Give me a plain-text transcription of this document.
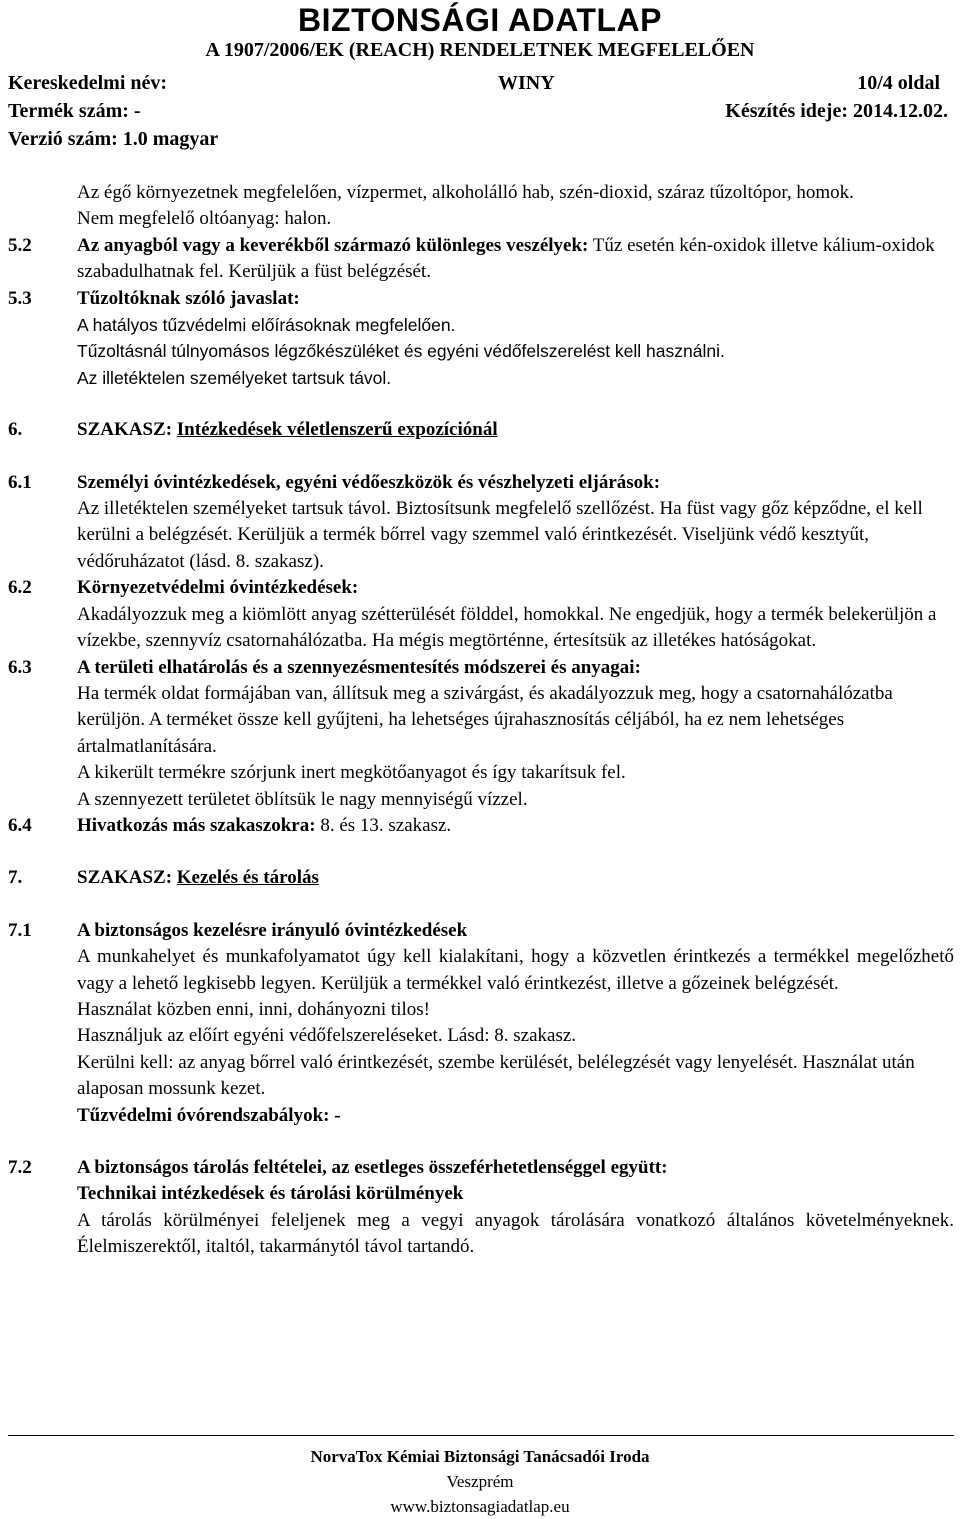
BIZTONSÁGI ADATLAP
A 1907/2006/EK (REACH) RENDELETNEK MEGFELELŐEN
Kereskedelmi név:	WINY	10/4 oldal
Termék szám: -	Készítés ideje: 2014.12.02.
Verzió szám: 1.0 magyar
Az égő környezetnek megfelelően, vízpermet, alkoholálló hab, szén-dioxid, száraz tűzoltópor, homok.
Nem megfelelő oltóanyag: halon.
5.2	Az anyagból vagy a keverékből származó különleges veszélyek: Tűz esetén kén-oxidok illetve kálium-oxidok szabadulhatnak fel. Kerüljük a füst belégzését.
5.3	Tűzoltóknak szóló javaslat:
A hatályos tűzvédelmi előírásoknak megfelelően.
Tűzoltásnál túlnyomásos légzőkészüléket és egyéni védőfelszerelést kell használni.
Az illetéktelen személyeket tartsuk távol.
6.	SZAKASZ: Intézkedések véletlenszerű expozíciónál
6.1	Személyi óvintézkedések, egyéni védőeszközök és vészhelyzeti eljárások:
Az illetéktelen személyeket tartsuk távol. Biztosítsunk megfelelő szellőzést. Ha füst vagy gőz képződne, el kell kerülni a belégzését. Kerüljük a termék bőrrel vagy szemmel való érintkezését. Viseljünk védő kesztyűt, védőruházatot (lásd. 8. szakasz).
6.2	Környezetvédelmi óvintézkedések:
Akadályozzuk meg a kiömlött anyag szétterülését földdel, homokkal. Ne engedjük, hogy a termék belekerüljön a vízekbe, szennyvíz csatornahálózatba. Ha mégis megtörténne, értesítsük az illetékes hatóságokat.
6.3	A területi elhatárolás és a szennyezésmentesítés módszerei és anyagai:
Ha termék oldat formájában van, állítsuk meg a szivárgást, és akadályozzuk meg, hogy a csatornahálózatba kerüljön. A terméket össze kell gyűjteni, ha lehetséges újrahasznosítás céljából, ha ez nem lehetséges ártalmatlanítására.
A kikerült termékre szórjunk inert megkötőanyagot és így takarítsuk fel.
A szennyezett területet öblítsük le nagy mennyiségű vízzel.
6.4	Hivatkozás más szakaszokra: 8. és 13. szakasz.
7.	SZAKASZ: Kezelés és tárolás
7.1	A biztonságos kezelésre irányuló óvintézkedések
A munkahelyet és munkafolyamatot úgy kell kialakítani, hogy a közvetlen érintkezés a termékkel megelőzhető vagy a lehető legkisebb legyen. Kerüljük a termékkel való érintkezést, illetve a gőzeinek belégzését.
Használat közben enni, inni, dohányozni tilos!
Használjuk az előírt egyéni védőfelszereléseket. Lásd: 8. szakasz.
Kerülni kell: az anyag bőrrel való érintkezését, szembe kerülését, belélegzését vagy lenyelését. Használat után alaposan mossunk kezet.
Tűzvédelmi óvórendszabályok: -
7.2	A biztonságos tárolás feltételei, az esetleges összeférhetetlenséggel együtt:
Technikai intézkedések és tárolási körülmények
A tárolás körülményei feleljenek meg a vegyi anyagok tárolására vonatkozó általános követelményeknek. Élelmiszerektől, italtól, takarmánytól távol tartandó.
NorvaTox Kémiai Biztonsági Tanácsadói Iroda
Veszprém
www.biztonsagiadatlap.eu
